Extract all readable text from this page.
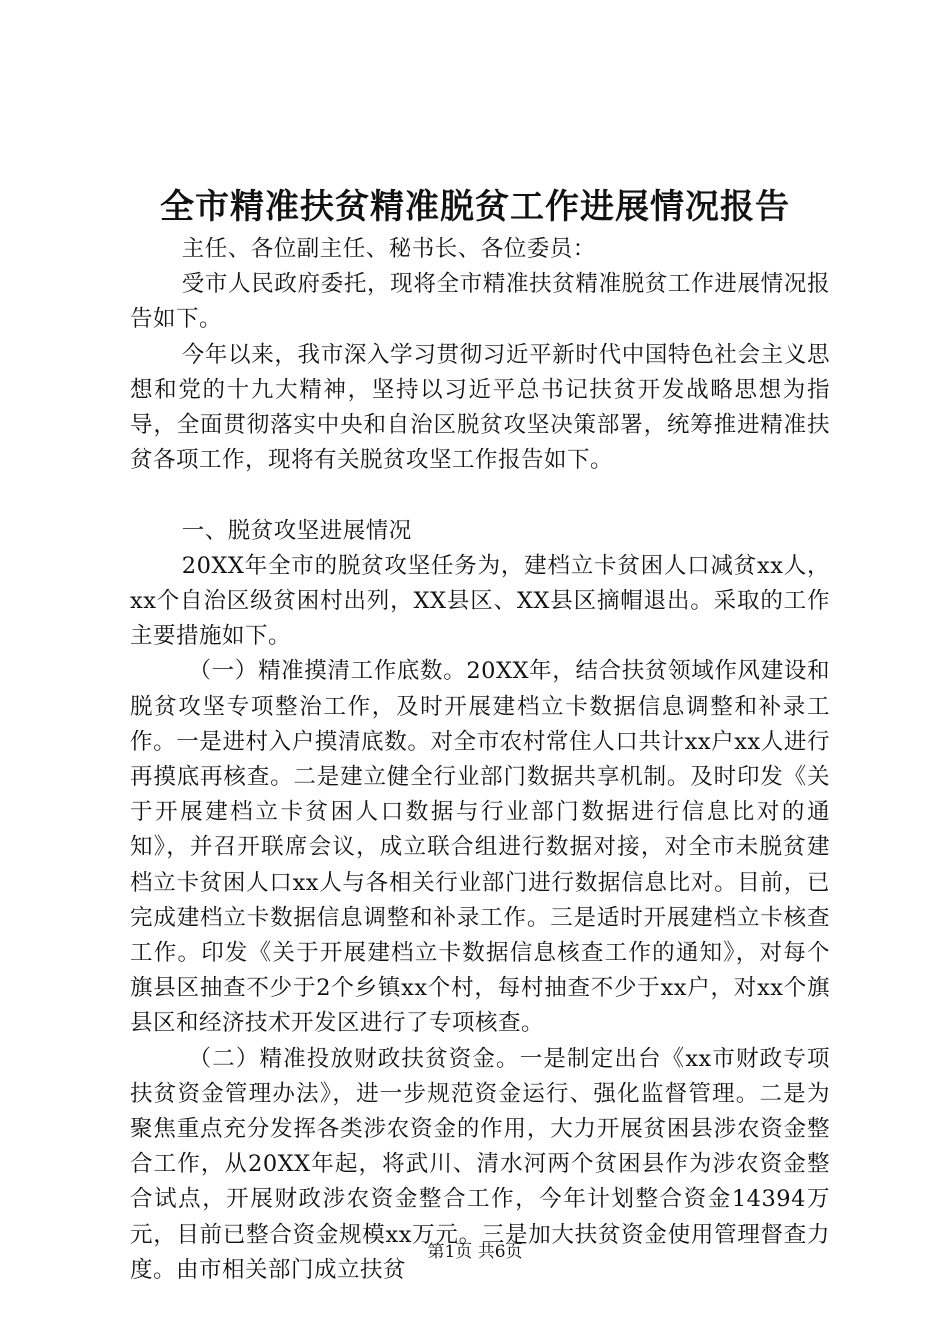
全市精准扶贫精准脱贫工作进展情况报告

主任、各位副主任、秘书长、各位委员：

受市人民政府委托，现将全市精准扶贫精准脱贫工作进展情况报告如下。

今年以来，我市深入学习贯彻习近平新时代中国特色社会主义思想和党的十九大精神，坚持以习近平总书记扶贫开发战略思想为指导，全面贯彻落实中央和自治区脱贫攻坚决策部署，统筹推进精准扶贫各项工作，现将有关脱贫攻坚工作报告如下。

一、脱贫攻坚进展情况

20XX年全市的脱贫攻坚任务为，建档立卡贫困人口减贫xx人，xx个自治区级贫困村出列，XX县区、XX县区摘帽退出。采取的工作主要措施如下。

（一）精准摸清工作底数。20XX年，结合扶贫领域作风建设和脱贫攻坚专项整治工作，及时开展建档立卡数据信息调整和补录工作。一是进村入户摸清底数。对全市农村常住人口共计xx户xx人进行再摸底再核查。二是建立健全行业部门数据共享机制。及时印发《关于开展建档立卡贫困人口数据与行业部门数据进行信息比对的通知》，并召开联席会议，成立联合组进行数据对接，对全市未脱贫建档立卡贫困人口xx人与各相关行业部门进行数据信息比对。目前，已完成建档立卡数据信息调整和补录工作。三是适时开展建档立卡核查工作。印发《关于开展建档立卡数据信息核查工作的通知》，对每个旗县区抽查不少于2个乡镇xx个村，每村抽查不少于xx户，对xx个旗县区和经济技术开发区进行了专项核查。

（二）精准投放财政扶贫资金。一是制定出台《xx市财政专项扶贫资金管理办法》，进一步规范资金运行、强化监督管理。二是为聚焦重点充分发挥各类涉农资金的作用，大力开展贫困县涉农资金整合工作，从20XX年起，将武川、清水河两个贫困县作为涉农资金整合试点，开展财政涉农资金整合工作，今年计划整合资金14394万元，目前已整合资金规模xx万元。三是加大扶贫资金使用管理督查力度。由市相关部门成立扶贫

第1页 共6页
